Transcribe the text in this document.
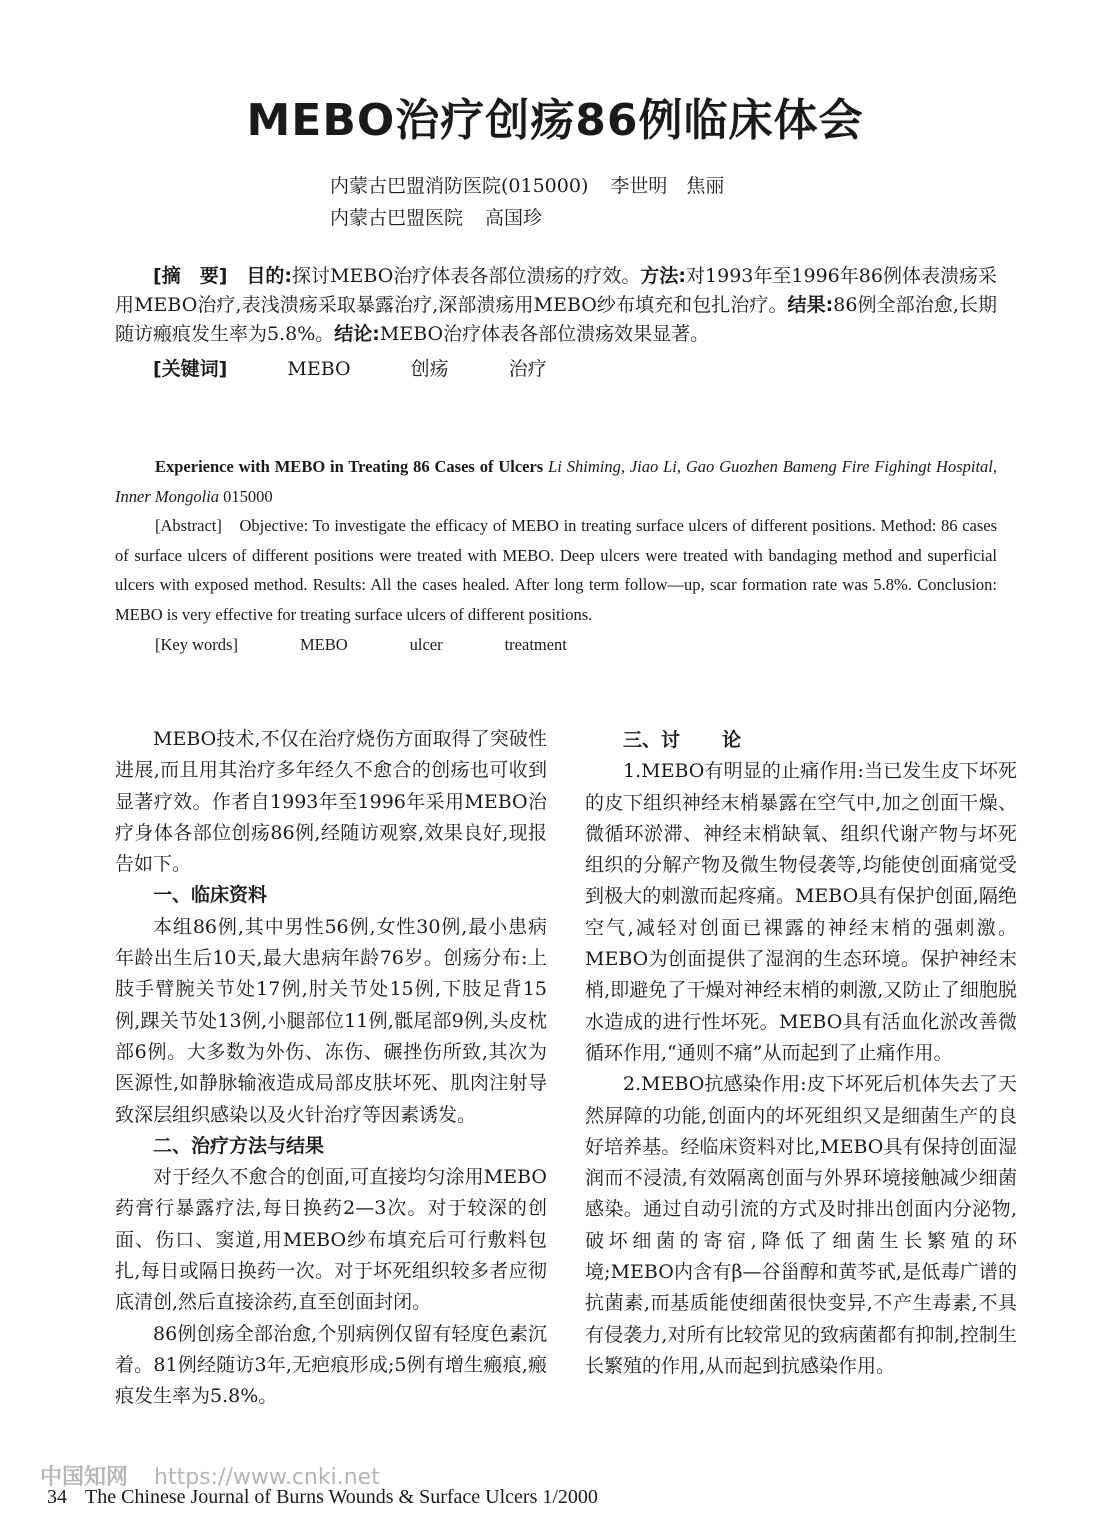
MEBO治疗创疡86例临床体会
内蒙古巴盟消防医院(015000) 李世明　焦丽
内蒙古巴盟医院 高国珍

[摘　要]　 目的:探讨MEBO治疗体表各部位溃疡的疗效。方法:对1993年至1996年86例体表溃疡采用MEBO治疗,表浅溃疡采取暴露治疗,深部溃疡用MEBO纱布填充和包扎治疗。结果:86例全部治愈,长期随访瘢痕发生率为5.8%。结论:MEBO治疗体表各部位溃疡效果显著。

[关键词]	MEBO	创疡	治疗

Experience with MEBO in Treating 86 Cases of Ulcers Li Shiming, Jiao Li, Gao Guozhen Bameng Fire Fighingt Hospital, Inner Mongolia 015000

[Abstract]　 Objective: To investigate the efficacy of MEBO in treating surface ulcers of different positions. Method: 86 cases of surface ulcers of different positions were treated with MEBO. Deep ulcers were treated with bandaging method and superficial ulcers with exposed method. Results: All the cases healed. After long term follow—up, scar formation rate was 5.8%. Conclusion: MEBO is very effective for treating surface ulcers of different positions.

[Key words]	MEBO	ulcer	treatment

MEBO技术,不仅在治疗烧伤方面取得了突破性进展,而且用其治疗多年经久不愈合的创疡也可收到显著疗效。作者自1993年至1996年采用MEBO治疗身体各部位创疡86例,经随访观察,效果良好,现报告如下。

一、临床资料

本组86例,其中男性56例,女性30例,最小患病年龄出生后10天,最大患病年龄76岁。创疡分布:上肢手臂腕关节处17例,肘关节处15例,下肢足背15例,踝关节处13例,小腿部位11例,骶尾部9例,头皮枕部6例。大多数为外伤、冻伤、碾挫伤所致,其次为医源性,如静脉输液造成局部皮肤坏死、肌肉注射导致深层组织感染以及火针治疗等因素诱发。

二、治疗方法与结果

对于经久不愈合的创面,可直接均匀涂用MEBO药膏行暴露疗法,每日换药2—3次。对于较深的创面、伤口、窦道,用MEBO纱布填充后可行敷料包扎,每日或隔日换药一次。对于坏死组织较多者应彻底清创,然后直接涂药,直至创面封闭。

86例创疡全部治愈,个别病例仅留有轻度色素沉着。81例经随访3年,无疤痕形成;5例有增生瘢痕,瘢痕发生率为5.8%。

三、讨 论

1.MEBO有明显的止痛作用:当已发生皮下坏死的皮下组织神经末梢暴露在空气中,加之创面干燥、微循环淤滞、神经末梢缺氧、组织代谢产物与坏死组织的分解产物及微生物侵袭等,均能使创面痛觉受到极大的刺激而起疼痛。MEBO具有保护创面,隔绝空气,减轻对创面已裸露的神经末梢的强刺激。MEBO为创面提供了湿润的生态环境。保护神经末梢,即避免了干燥对神经末梢的刺激,又防止了细胞脱水造成的进行性坏死。MEBO具有活血化淤改善微循环作用,“通则不痛”从而起到了止痛作用。

2.MEBO抗感染作用:皮下坏死后机体失去了天然屏障的功能,创面内的坏死组织又是细菌生产的良好培养基。经临床资料对比,MEBO具有保持创面湿润而不浸渍,有效隔离创面与外界环境接触减少细菌感染。通过自动引流的方式及时排出创面内分泌物,破坏细菌的寄宿,降低了细菌生长繁殖的环境;MEBO内含有β—谷甾醇和黄芩甙,是低毒广谱的抗菌素,而基质能使细菌很快变异,不产生毒素,不具有侵袭力,对所有比较常见的致病菌都有抑制,控制生长繁殖的作用,从而起到抗感染作用。

中国知网 https://www.cnki.net
34 The Chinese Journal of Burns Wounds & Surface Ulcers 1/2000
